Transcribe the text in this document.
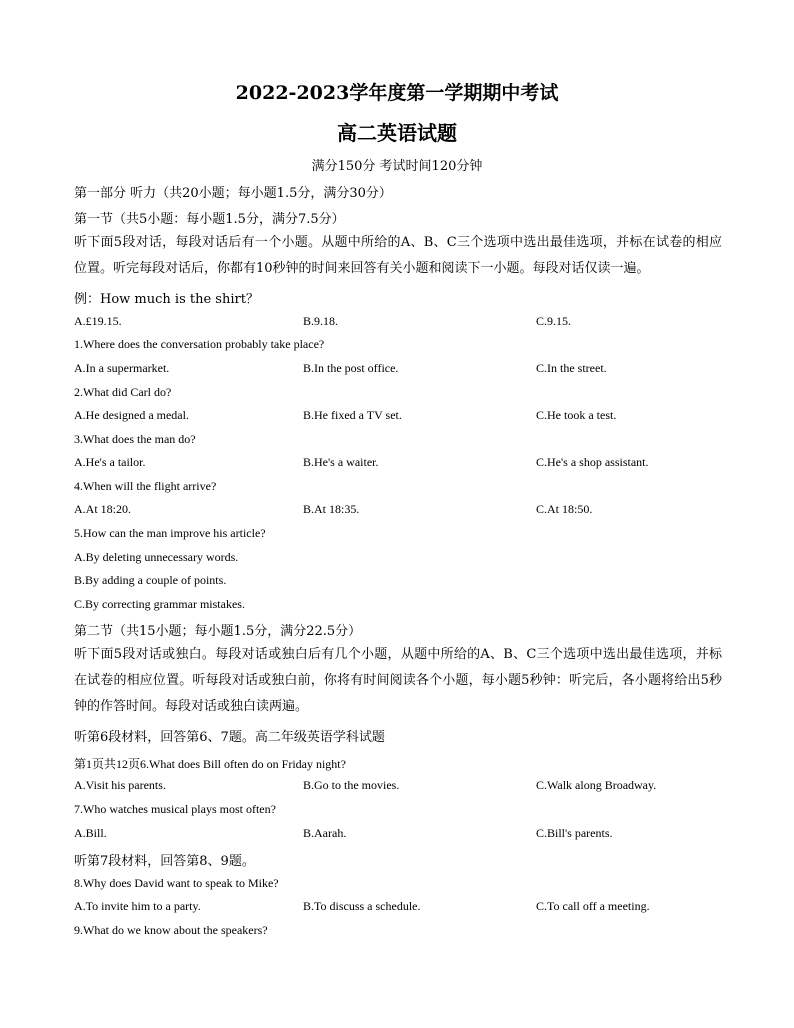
2022-2023学年度第一学期期中考试
高二英语试题
满分150分 考试时间120分钟
第一部分 听力（共20小题；每小题1.5分，满分30分）
第一节（共5小题：每小题1.5分，满分7.5分）
听下面5段对话，每段对话后有一个小题。从题中所给的A、B、C三个选项中选出最佳选项，并标在试卷的相应位置。听完每段对话后，你都有10秒钟的时间来回答有关小题和阅读下一小题。每段对话仅读一遍。
例：How much is the shirt？
A.£19.15.	B.9.18.	C.9.15.
1.Where does the conversation probably take place?
A.In a supermarket.	B.In the post office.	C.In the street.
2.What did Carl do?
A.He designed a medal.	B.He fixed a TV set.	C.He took a test.
3.What does the man do?
A.He's a tailor.	B.He's a waiter.	C.He's a shop assistant.
4.When will the flight arrive?
A.At 18:20.	B.At 18:35.	C.At 18:50.
5.How can the man improve his article?
A.By deleting unnecessary words.
B.By adding a couple of points.
C.By correcting grammar mistakes.
第二节（共15小题；每小题1.5分，满分22.5分）
听下面5段对话或独白。每段对话或独白后有几个小题，从题中所给的A、B、C三个选项中选出最佳选项，并标在试卷的相应位置。听每段对话或独白前，你将有时间阅读各个小题，每小题5秒钟：听完后，各小题将给出5秒钟的作答时间。每段对话或独白读两遍。
听第6段材料，回答第6、7题。高二年级英语学科试题
第1页共12页6.What does Bill often do on Friday night?
A.Visit his parents.	B.Go to the movies.	C.Walk along Broadway.
7.Who watches musical plays most often?
A.Bill.	B.Aarah.	C.Bill's parents.
听第7段材料，回答第8、9题。
8.Why does David want to speak to Mike?
A.To invite him to a party.	B.To discuss a schedule.	C.To call off a meeting.
9.What do we know about the speakers?
